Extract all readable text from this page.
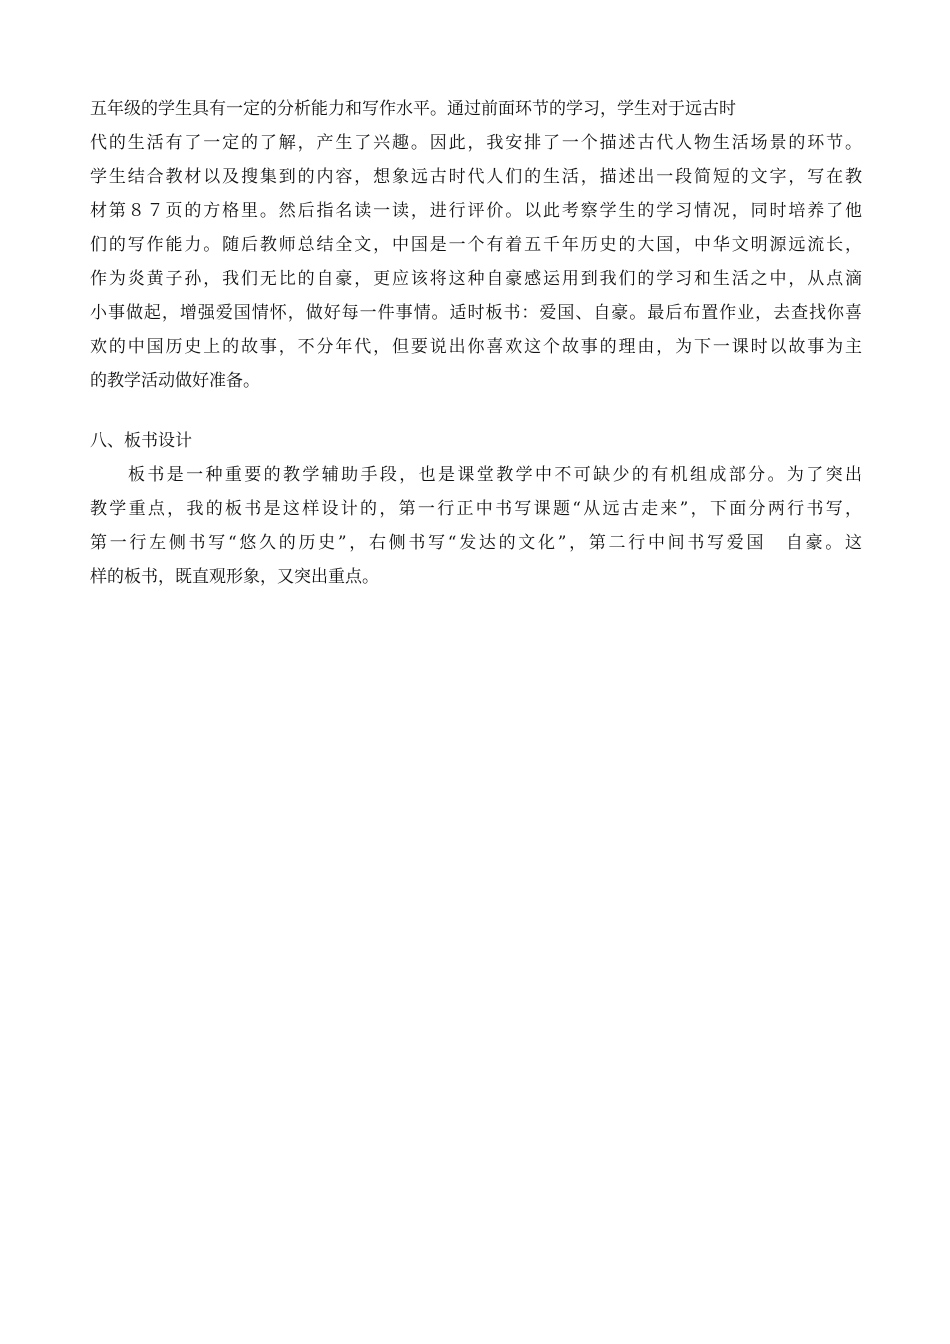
五年级的学生具有一定的分析能力和写作水平。通过前面环节的学习，学生对于远古时
代的生活有了一定的了解，产生了兴趣。因此，我安排了一个描述古代人物生活场景的环节。
学生结合教材以及搜集到的内容，想象远古时代人们的生活，描述出一段简短的文字，写在教
材第８７页的方格里。然后指名读一读，进行评价。以此考察学生的学习情况，同时培养了他
们的写作能力。随后教师总结全文，中国是一个有着五千年历史的大国，中华文明源远流长，
作为炎黄子孙，我们无比的自豪，更应该将这种自豪感运用到我们的学习和生活之中，从点滴
小事做起，增强爱国情怀，做好每一件事情。适时板书：爱国、自豪。最后布置作业，去查找你喜
欢的中国历史上的故事，不分年代，但要说出你喜欢这个故事的理由，为下一课时以故事为主
的教学活动做好准备。
八、板书设计
板书是一种重要的教学辅助手段，也是课堂教学中不可缺少的有机组成部分。为了突出
教学重点，我的板书是这样设计的，第一行正中书写课题“从远古走来”，下面分两行书写，
第一行左侧书写“悠久的历史”，右侧书写“发达的文化”，第二行中间书写爱国　自豪。这
样的板书，既直观形象，又突出重点。
